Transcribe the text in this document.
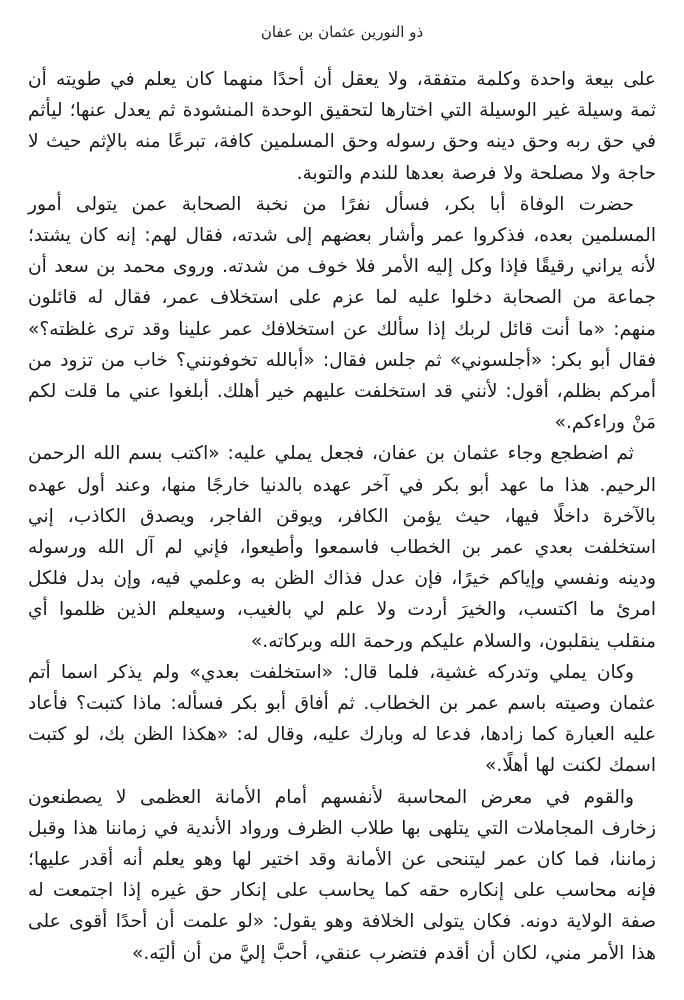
ذو النورين عثمان بن عفان

على بيعة واحدة وكلمة متفقة، ولا يعقل أن أحدًا منهما كان يعلم في طويته أن ثمة وسيلة غير الوسيلة التي اختارها لتحقيق الوحدة المنشودة ثم يعدل عنها؛ ليأثم في حق ربه وحق دينه وحق رسوله وحق المسلمين كافة، تبرعًا منه بالإثم حيث لا حاجة ولا مصلحة ولا فرصة بعدها للندم والتوبة.

حضرت الوفاة أبا بكر، فسأل نفرًا من نخبة الصحابة عمن يتولى أمور المسلمين بعده، فذكروا عمر وأشار بعضهم إلى شدته، فقال لهم: إنه كان يشتد؛ لأنه يراني رقيقًا فإذا وكل إليه الأمر فلا خوف من شدته. وروى محمد بن سعد أن جماعة من الصحابة دخلوا عليه لما عزم على استخلاف عمر، فقال له قائلون منهم: «ما أنت قائل لربك إذا سألك عن استخلافك عمر علينا وقد ترى غلظته؟» فقال أبو بكر: «أجلسوني» ثم جلس فقال: «أبالله تخوفونني؟ خاب من تزود من أمركم بظلم، أقول: لأنني قد استخلفت عليهم خير أهلك. أبلغوا عني ما قلت لكم مَنْ وراءكم.»

ثم اضطجع وجاء عثمان بن عفان، فجعل يملي عليه: «اكتب بسم الله الرحمن الرحيم. هذا ما عهد أبو بكر في آخر عهده بالدنيا خارجًا منها، وعند أول عهده بالآخرة داخلًا فيها، حيث يؤمن الكافر، ويوقن الفاجر، ويصدق الكاذب، إني استخلفت بعدي عمر بن الخطاب فاسمعوا وأطيعوا، فإني لم آل الله ورسوله ودينه ونفسي وإياكم خيرًا، فإن عدل فذاك الظن به وعلمي فيه، وإن بدل فلكل امرئ ما اكتسب، والخيرَ أردت ولا علم لي بالغيب، وسيعلم الذين ظلموا أي منقلب ينقلبون، والسلام عليكم ورحمة الله وبركاته.»

وكان يملي وتدركه غشية، فلما قال: «استخلفت بعدي» ولم يذكر اسما أتم عثمان وصيته باسم عمر بن الخطاب. ثم أفاق أبو بكر فسأله: ماذا كتبت؟ فأعاد عليه العبارة كما زادها، فدعا له وبارك عليه، وقال له: «هكذا الظن بك، لو كتبت اسمك لكنت لها أهلًا.»

والقوم في معرض المحاسبة لأنفسهم أمام الأمانة العظمى لا يصطنعون زخارف المجاملات التي يتلهى بها طلاب الظرف ورواد الأندية في زماننا هذا وقبل زماننا، فما كان عمر ليتنحى عن الأمانة وقد اختير لها وهو يعلم أنه أقدر عليها؛ فإنه محاسب على إنكاره حقه كما يحاسب على إنكار حق غيره إذا اجتمعت له صفة الولاية دونه. فكان يتولى الخلافة وهو يقول: «لو علمت أن أحدًا أقوى على هذا الأمر مني، لكان أن أقدم فتضرب عنقي، أحبَّ إليَّ من أن أليَه.»
